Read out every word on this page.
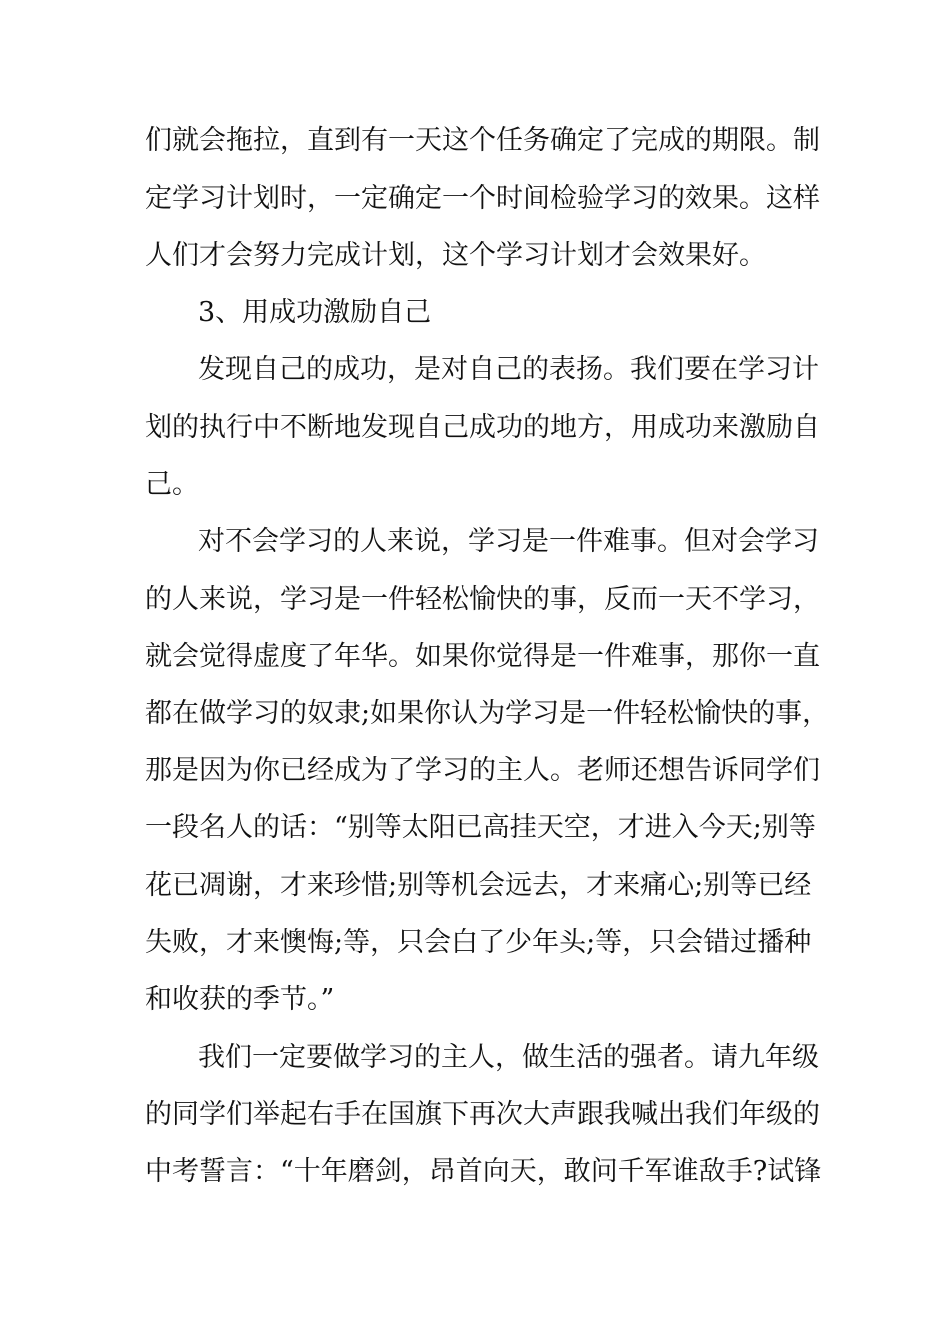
们就会拖拉，直到有一天这个任务确定了完成的期限。制
定学习计划时，一定确定一个时间检验学习的效果。这样
人们才会努力完成计划，这个学习计划才会效果好。
3、用成功激励自己
发现自己的成功，是对自己的表扬。我们要在学习计
划的执行中不断地发现自己成功的地方，用成功来激励自
己。
对不会学习的人来说，学习是一件难事。但对会学习
的人来说，学习是一件轻松愉快的事，反而一天不学习，
就会觉得虚度了年华。如果你觉得是一件难事，那你一直
都在做学习的奴隶;如果你认为学习是一件轻松愉快的事，
那是因为你已经成为了学习的主人。老师还想告诉同学们
一段名人的话：“别等太阳已高挂天空，才进入今天;别等
花已凋谢，才来珍惜;别等机会远去，才来痛心;别等已经
失败，才来懊悔;等，只会白了少年头;等，只会错过播种
和收获的季节。”
我们一定要做学习的主人，做生活的强者。请九年级
的同学们举起右手在国旗下再次大声跟我喊出我们年级的
中考誓言：“十年磨剑，昂首向天，敢问千军谁敌手?试锋
